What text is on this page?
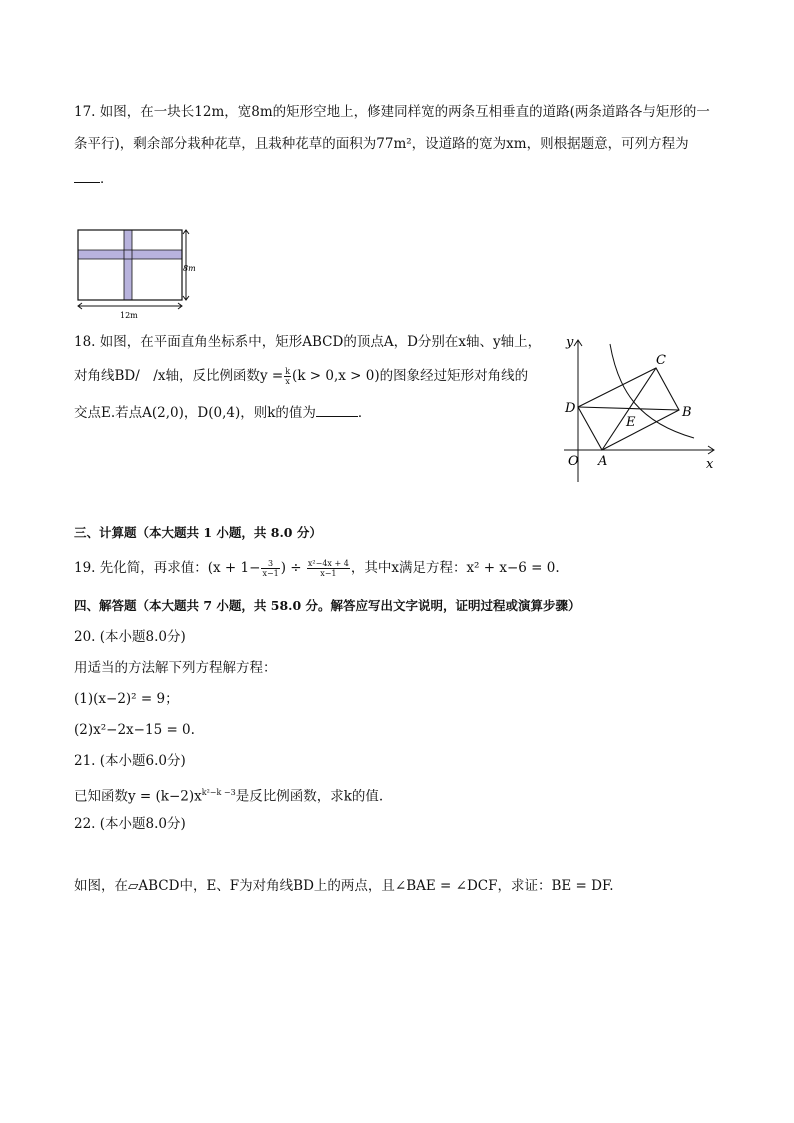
17. 如图，在一块长12m，宽8m的矩形空地上，修建同样宽的两条互相垂直的道路(两条道路各与矩形的一
条平行)，剩余部分栽种花草，且栽种花草的面积为77m²，设道路的宽为xm，则根据题意，可列方程为
．
8m
12m
18. 如图，在平面直角坐标系中，矩形ABCD的顶点A，D分别在x轴、y轴上，
对角线BD/　/x轴，反比例函数$y = \frac{k}{x} (k > 0,x > 0)$的图象经过矩形对角线的
交点E.若点A(2,0)，D(0,4)，则k的值为	．
y
x
O
D
A
B
C
E
三、计算题（本大题共 1 小题，共 8.0 分）
19. 先化简，再求值：($x + 1- \frac{3}{x-1}$ ) ÷ $\frac{\text{x²−4x + 4}}{x-1}$ ，其中x满足方程：x² + x−6 = 0.
四、解答题（本大题共 7 小题，共 58.0 分。解答应写出文字说明，证明过程或演算步骤）
20. (本小题8.0分)
用适当的方法解下列方程解方程：
(1)(x−2)² = 9；
(2)x²−2x−15 = 0.
21. (本小题6.0分)
已知函数$y = (k-2)x^{k^2-k -3}$是反比例函数，求k的值.
22. (本小题8.0分)
如图，在▱ABCD中，E、F为对角线BD上的两点，且∠BAE = ∠DCF，求证：BE = DF.
